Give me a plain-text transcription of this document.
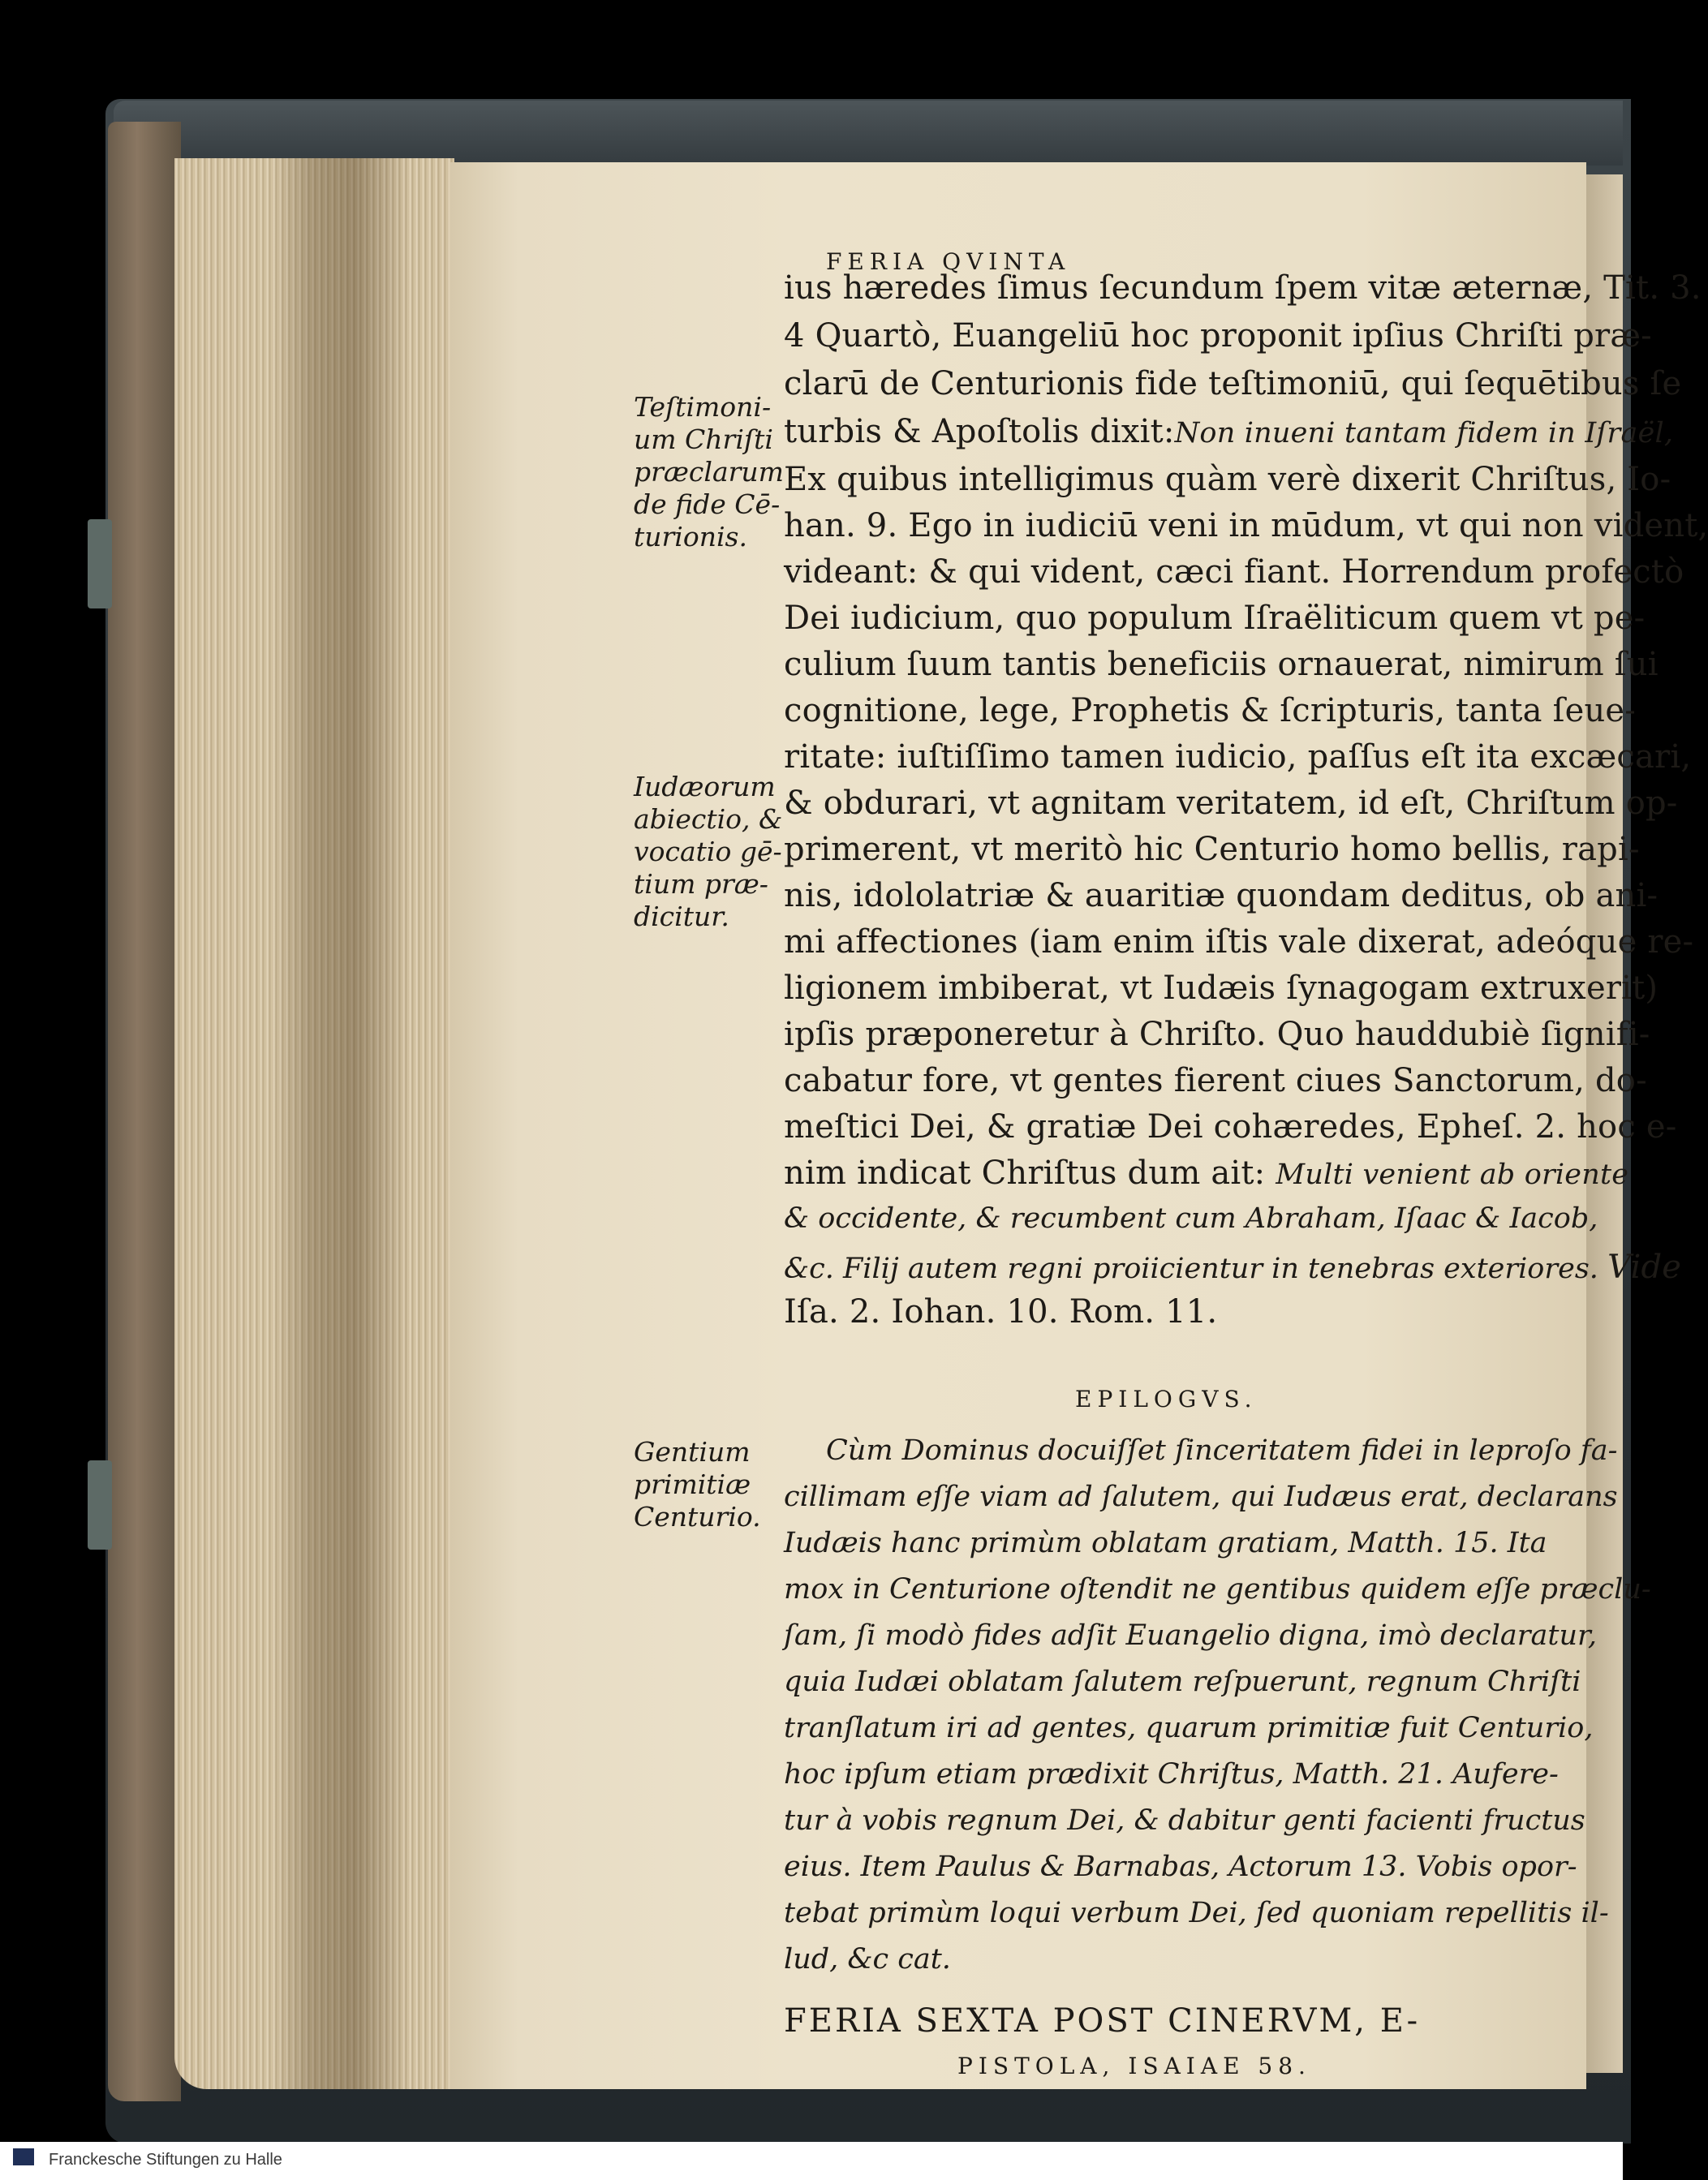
FERIA QVINTA
ius hæredes ſimus ſecundum ſpem vitæ æternæ, Tit. 3.
4 Quartò, Euangeliū hoc proponit ipſius Chriſti præ-
clarū de Centurionis fide teſtimoniū, qui ſequētibus ſe
turbis & Apoſtolis dixit:Non inueni tantam fidem in Iſraël,
Ex quibus intelligimus quàm verè dixerit Chriſtus, Io-
han. 9. Ego in iudiciū veni in mūdum, vt qui non vident,
videant: & qui vident, cæci fiant. Horrendum profectò
Dei iudicium, quo populum Iſraëliticum quem vt pe-
culium ſuum tantis beneficiis ornauerat, nimirum ſui
cognitione, lege, Prophetis & ſcripturis, tanta ſeue-
ritate: iuſtiſſimo tamen iudicio, paſſus eſt ita excæcari,
& obdurari, vt agnitam veritatem, id eſt, Chriſtum op-
primerent, vt meritò hic Centurio homo bellis, rapi-
nis, idololatriæ & auaritiæ quondam deditus, ob ani-
mi affectiones (iam enim iſtis vale dixerat, adeóque re-
ligionem imbiberat, vt Iudæis ſynagogam extruxerit)
ipſis præponeretur à Chriſto. Quo hauddubiè ſignifi-
cabatur fore, vt gentes fierent ciues Sanctorum, do-
meſtici Dei, & gratiæ Dei cohæredes, Epheſ. 2. hoc e-
nim indicat Chriſtus dum ait: Multi venient ab oriente
& occidente, & recumbent cum Abraham, Iſaac & Iacob,
&c. Filij autem regni proiicientur in tenebras exteriores. Vide
Iſa. 2. Iohan. 10. Rom. 11.
EPILOGVS.
Cùm Dominus docuiſſet ſinceritatem fidei in leproſo fa-
cillimam eſſe viam ad ſalutem, qui Iudæus erat, declarans
Iudæis hanc primùm oblatam gratiam, Matth. 15. Ita
mox in Centurione oſtendit ne gentibus quidem eſſe præclu-
ſam, ſi modò fides adſit Euangelio digna, imò declaratur,
quia Iudæi oblatam ſalutem reſpuerunt, regnum Chriſti
tranſlatum iri ad gentes, quarum primitiæ fuit Centurio,
hoc ipſum etiam prædixit Chriſtus, Matth. 21. Aufere-
tur à vobis regnum Dei, & dabitur genti facienti fructus
eius. Item Paulus & Barnabas, Actorum 13. Vobis opor-
tebat primùm loqui verbum Dei, ſed quoniam repellitis il-
lud, &c cat.
FERIA SEXTA POST CINERVM, E-
PISTOLA, ISAIAE 58.
Teſtimoni-
um Chriſti
præclarum
de fide Cē-
turionis.
Iudæorum
abiectio, &
vocatio gē-
tium præ-
dicitur.
Gentium
primitiæ
Centurio.
Franckesche Stiftungen zu Halle
